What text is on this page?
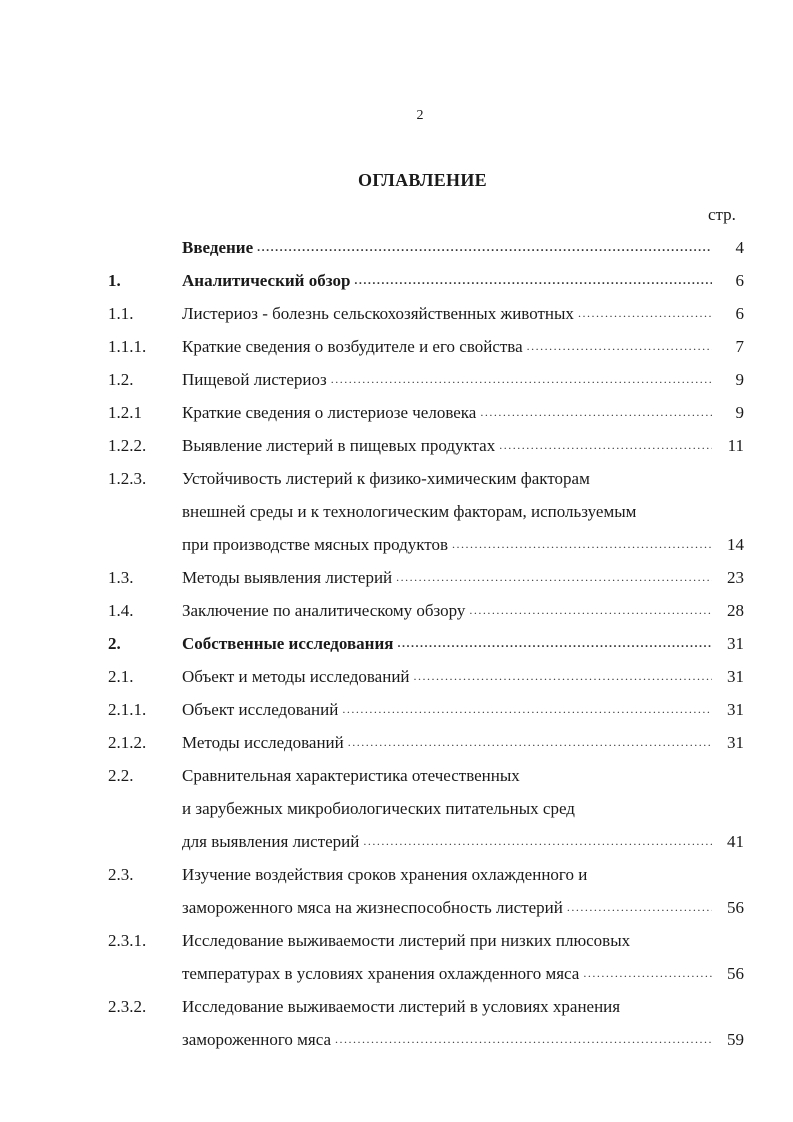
2
ОГЛАВЛЕНИЕ
стр.
Введение .....	4
1.	Аналитический обзор .....	6
1.1.	Листериоз - болезнь сельскохозяйственных животных .....	6
1.1.1.	Краткие сведения о возбудителе и его свойства .....	7
1.2.	Пищевой листериоз .....	9
1.2.1	Краткие сведения о листериозе человека .....	9
1.2.2.	Выявление листерий в пищевых продуктах .....	11
1.2.3.	Устойчивость листерий к физико-химическим факторам
внешней среды и к технологическим факторам, используемым
при производстве мясных продуктов .....	14
1.3.	Методы выявления листерий .....	23
1.4.	Заключение по аналитическому обзору .....	28
2.	Собственные исследования .....	31
2.1.	Объект и методы исследований .....	31
2.1.1.	Объект исследований .....	31
2.1.2.	Методы исследований .....	31
2.2.	Сравнительная характеристика отечественных
и зарубежных микробиологических питательных сред
для выявления листерий .....	41
2.3.	Изучение воздействия сроков хранения охлажденного и
замороженного мяса на жизнеспособность листерий .....	56
2.3.1.	Исследование выживаемости листерий при низких плюсовых
температурах в условиях хранения охлажденного мяса .....	56
2.3.2.	Исследование выживаемости листерий в условиях хранения
замороженного мяса .....	59
